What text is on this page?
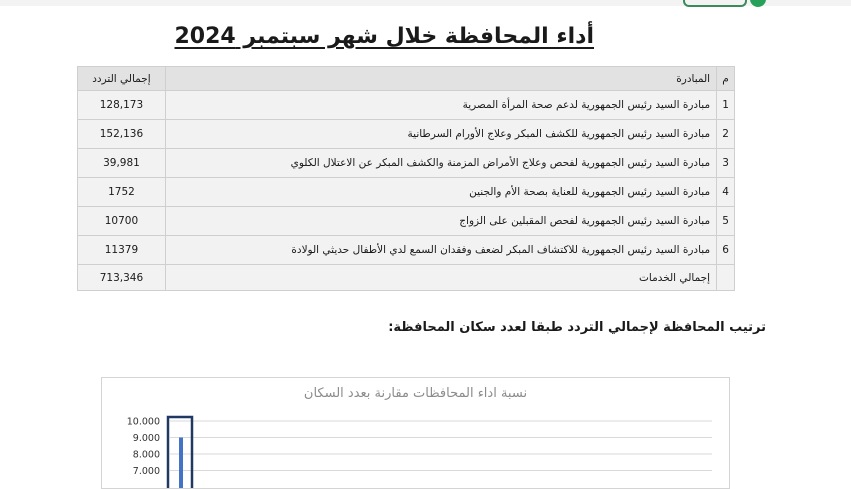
أداء المحافظة خلال شهر سبتمبر 2024
م	المبادرة	إجمالي التردد
1	مبادرة السيد رئيس الجمهورية لدعم صحة المرأة المصرية	128,173
2	مبادرة السيد رئيس الجمهورية للكشف المبكر وعلاج الأورام السرطانية	152,136
3	مبادرة السيد رئيس الجمهورية لفحص وعلاج الأمراض المزمنة والكشف المبكر عن الاعتلال الكلوي	39,981
4	مبادرة السيد رئيس الجمهورية للعناية بصحة الأم والجنين	1752
5	مبادرة السيد رئيس الجمهورية لفحص المقبلين على الزواج	10700
6	مبادرة السيد رئيس الجمهورية للاكتشاف المبكر لضعف وفقدان السمع لدي الأطفال حديثي الولادة	11379
	إجمالي الخدمات	713,346
ترتيب المحافظة لإجمالي التردد طبقا لعدد سكان المحافظة:
نسبة اداء المحافظات مقارنة بعدد السكان
10.000
9.000
8.000
7.000
